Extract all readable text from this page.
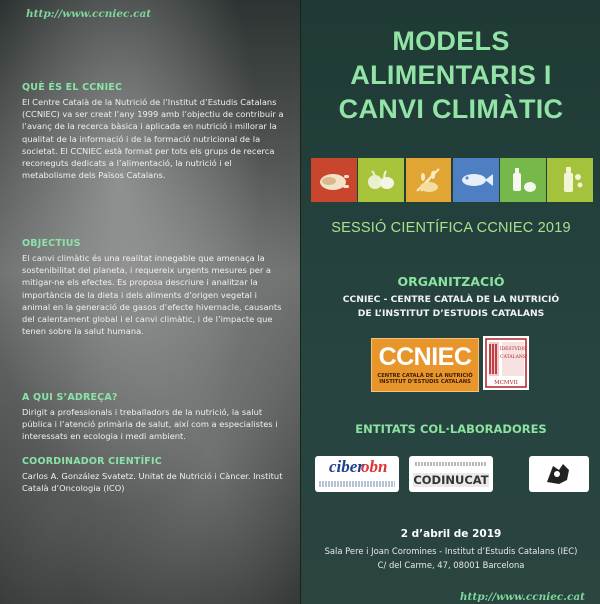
http://www.ccniec.cat
QUÈ ÉS EL CCNIEC

El Centre Català de la Nutrició de l’Institut d’Estudis Catalans (CCNIEC) va ser creat l’any 1999 amb l’objectiu de contribuir a l’avanç de la recerca bàsica i aplicada en nutrició i millorar la qualitat de la informació i de la formació nutricional de la societat. El CCNIEC està format per tots els grups de recerca reconeguts dedicats a l’alimentació, la nutrició i el metabolisme dels Països Catalans.

OBJECTIUS

El canvi climàtic és una realitat innegable que amenaça la sostenibilitat del planeta, i requereix urgents mesures per a mitigar-ne els efectes. Es proposa descriure i analitzar la importància de la dieta i dels aliments d’origen vegetal i animal en la generació de gasos d’efecte hivernacle, causants del calentament global i el canvi climàtic, i de l’impacte que tenen sobre la salut humana.

A QUI S’ADREÇA?

Dirigit a professionals i treballadors de la nutrició, la salut pública i l’atenció primària de salut, així com a especialistes i interessats en ecologia i medi ambient.

COORDINADOR CIENTÍFIC

Carlos A. González Svatetz. Unitat de Nutrició i Càncer. Institut Català d’Oncologia (ICO)

MODELS
ALIMENTARIS I
CANVI CLIMÀTIC
SESSIÓ CIENTÍFICA CCNIEC 2019
ORGANITZACIÓ
CCNIEC - CENTRE CATALÀ DE LA NUTRICIÓ
DE L’INSTITUT D’ESTUDIS CATALANS
CCNIEC
CENTRE CATALÀ DE LA NUTRICIÓ
INSTITUT D’ESTUDIS CATALANS
IDESTVDIS
CATALANS
MCMVII
ENTITATS COL·LABORADORES
ciber
obn
CODINUCAT
2 d’abril de 2019
Sala Pere i Joan Coromines - Institut d’Estudis Catalans (IEC)
C/ del Carme, 47, 08001 Barcelona
http://www.ccniec.cat
